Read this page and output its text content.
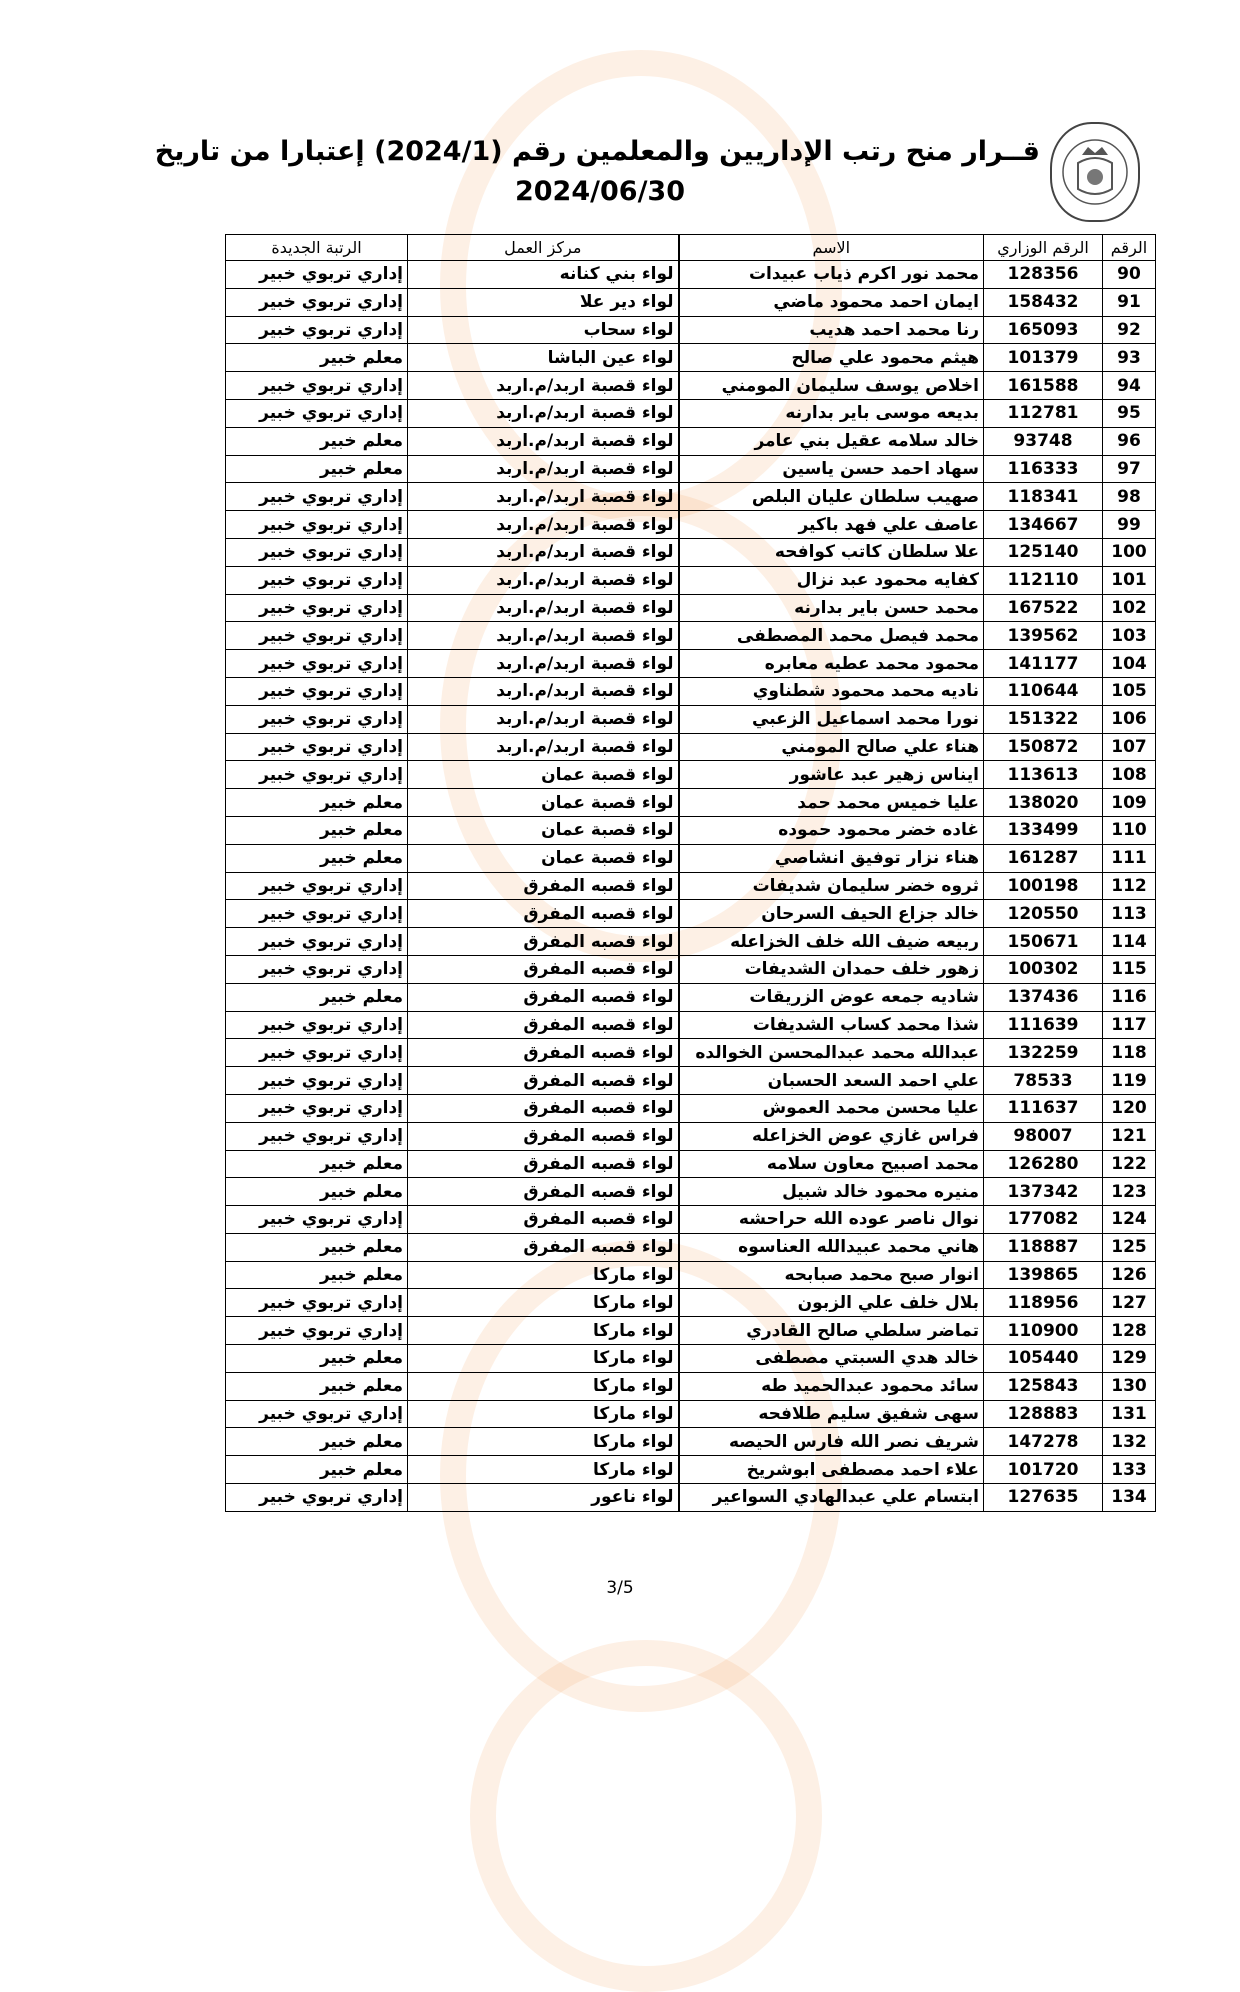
قــرار منح رتب الإداريين والمعلمين رقم (2024/1) إعتبارا من تاريخ
2024/06/30
الرقم	الرقم الوزاري	الاسم	مركز العمل	الرتبة الجديدة
90	128356	محمد نور اكرم ذياب عبيدات	لواء بني كنانه	إداري تربوي خبير
91	158432	ايمان احمد محمود ماضي	لواء دير علا	إداري تربوي خبير
92	165093	رنا محمد احمد هديب	لواء سحاب	إداري تربوي خبير
93	101379	هيثم محمود علي صالح	لواء عين الباشا	معلم خبير
94	161588	اخلاص يوسف سليمان المومني	لواء قصبة اربد/م.اربد	إداري تربوي خبير
95	112781	بديعه موسى باير بدارنه	لواء قصبة اربد/م.اربد	إداري تربوي خبير
96	93748	خالد سلامه عقيل بني عامر	لواء قصبة اربد/م.اربد	معلم خبير
97	116333	سهاد احمد حسن ياسين	لواء قصبة اربد/م.اربد	معلم خبير
98	118341	صهيب سلطان عليان البلص	لواء قصبة اربد/م.اربد	إداري تربوي خبير
99	134667	عاصف علي فهد باكير	لواء قصبة اربد/م.اربد	إداري تربوي خبير
100	125140	علا سلطان كاتب كوافحه	لواء قصبة اربد/م.اربد	إداري تربوي خبير
101	112110	كفايه محمود عبد نزال	لواء قصبة اربد/م.اربد	إداري تربوي خبير
102	167522	محمد حسن باير بدارنه	لواء قصبة اربد/م.اربد	إداري تربوي خبير
103	139562	محمد فيصل محمد المصطفى	لواء قصبة اربد/م.اربد	إداري تربوي خبير
104	141177	محمود محمد عطيه معابره	لواء قصبة اربد/م.اربد	إداري تربوي خبير
105	110644	ناديه محمد محمود شطناوي	لواء قصبة اربد/م.اربد	إداري تربوي خبير
106	151322	نورا محمد اسماعيل الزعبي	لواء قصبة اربد/م.اربد	إداري تربوي خبير
107	150872	هناء علي صالح المومني	لواء قصبة اربد/م.اربد	إداري تربوي خبير
108	113613	ايناس زهير عبد عاشور	لواء قصبة عمان	إداري تربوي خبير
109	138020	عليا خميس محمد حمد	لواء قصبة عمان	معلم خبير
110	133499	غاده خضر محمود حموده	لواء قصبة عمان	معلم خبير
111	161287	هناء نزار توفيق انشاصي	لواء قصبة عمان	معلم خبير
112	100198	ثروه خضر سليمان شديفات	لواء قصبه المفرق	إداري تربوي خبير
113	120550	خالد جزاع الحيف السرحان	لواء قصبه المفرق	إداري تربوي خبير
114	150671	ربيعه ضيف الله خلف الخزاعله	لواء قصبه المفرق	إداري تربوي خبير
115	100302	زهور خلف حمدان الشديفات	لواء قصبه المفرق	إداري تربوي خبير
116	137436	شاديه جمعه عوض الزريقات	لواء قصبه المفرق	معلم خبير
117	111639	شذا محمد كساب الشديفات	لواء قصبه المفرق	إداري تربوي خبير
118	132259	عبدالله محمد عبدالمحسن الخوالده	لواء قصبه المفرق	إداري تربوي خبير
119	78533	علي احمد السعد الحسبان	لواء قصبه المفرق	إداري تربوي خبير
120	111637	عليا محسن محمد العموش	لواء قصبه المفرق	إداري تربوي خبير
121	98007	فراس غازي عوض الخزاعله	لواء قصبه المفرق	إداري تربوي خبير
122	126280	محمد اصبيح معاون سلامه	لواء قصبه المفرق	معلم خبير
123	137342	منيره محمود خالد شبيل	لواء قصبه المفرق	معلم خبير
124	177082	نوال ناصر عوده الله حراحشه	لواء قصبه المفرق	إداري تربوي خبير
125	118887	هاني محمد عبيدالله العناسوه	لواء قصبه المفرق	معلم خبير
126	139865	انوار صبح محمد صبابحه	لواء ماركا	معلم خبير
127	118956	بلال خلف علي الزبون	لواء ماركا	إداري تربوي خبير
128	110900	تماضر سلطي صالح القادري	لواء ماركا	إداري تربوي خبير
129	105440	خالد هدي السبتي مصطفى	لواء ماركا	معلم خبير
130	125843	سائد محمود عبدالحميد طه	لواء ماركا	معلم خبير
131	128883	سهى شفيق سليم طلافحه	لواء ماركا	إداري تربوي خبير
132	147278	شريف نصر الله فارس الحيصه	لواء ماركا	معلم خبير
133	101720	علاء احمد مصطفى ابوشريخ	لواء ماركا	معلم خبير
134	127635	ابتسام علي عبدالهادي السواعير	لواء ناعور	إداري تربوي خبير
3/5
